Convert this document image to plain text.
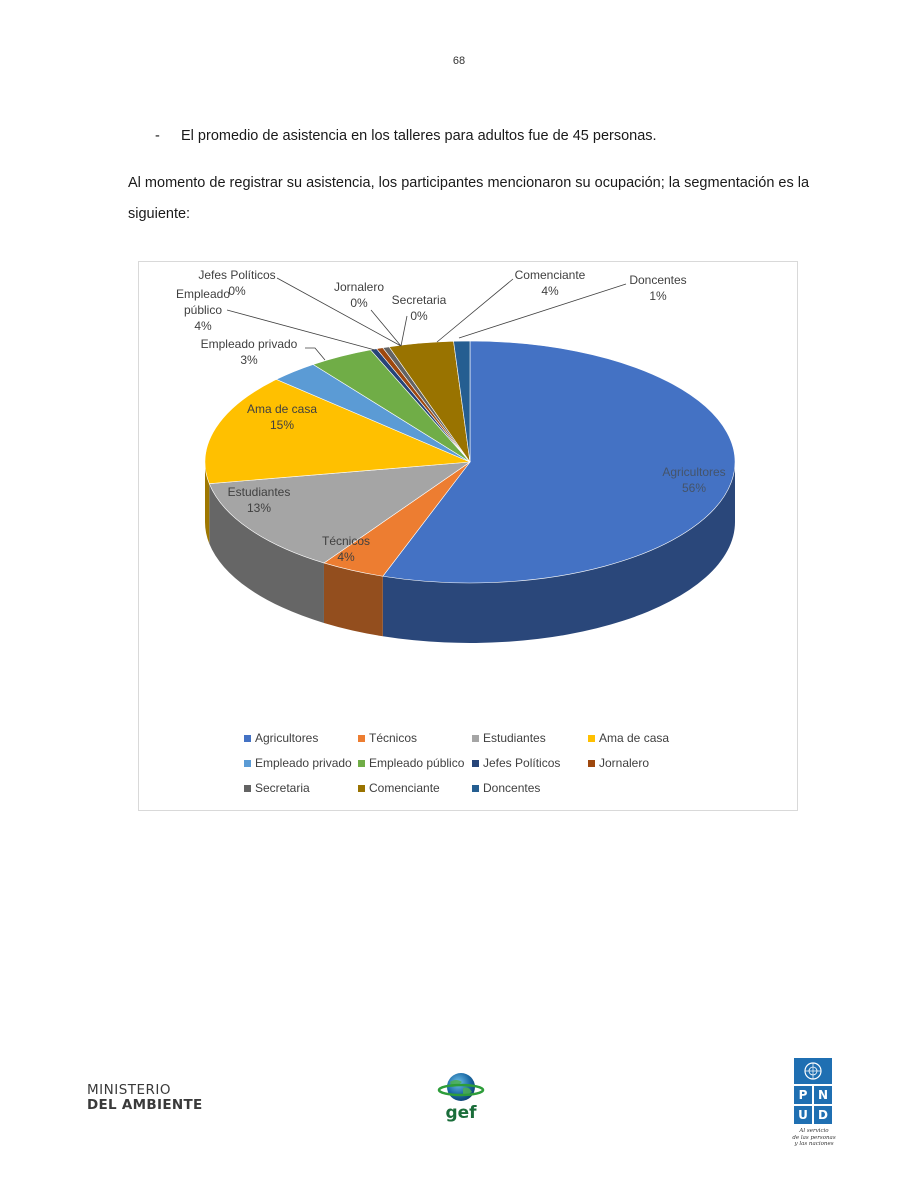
68
- El promedio de asistencia en los talleres para adultos fue de 45 personas.
Al momento de registrar su asistencia, los participantes mencionaron su ocupación; la segmentación es la siguiente:
Agricultores 56%
Técnicos 4%
Estudiantes 13%
Ama de casa 15%
Empleado privado 3%
Empleado público 4%
Jefes Políticos 0%	Jornalero 0%	Secretaria 0%
Comenciante 4%
Doncentes 1%
Agricultores	Técnicos	Estudiantes	Ama de casa
Empleado privado Empleado público Jefes Políticos	Jornalero
Secretaria	Comenciante	Doncentes
MINISTERIO
DEL AMBIENTE	gef
P N
U D
Al servicio
de las personas
y las naciones
